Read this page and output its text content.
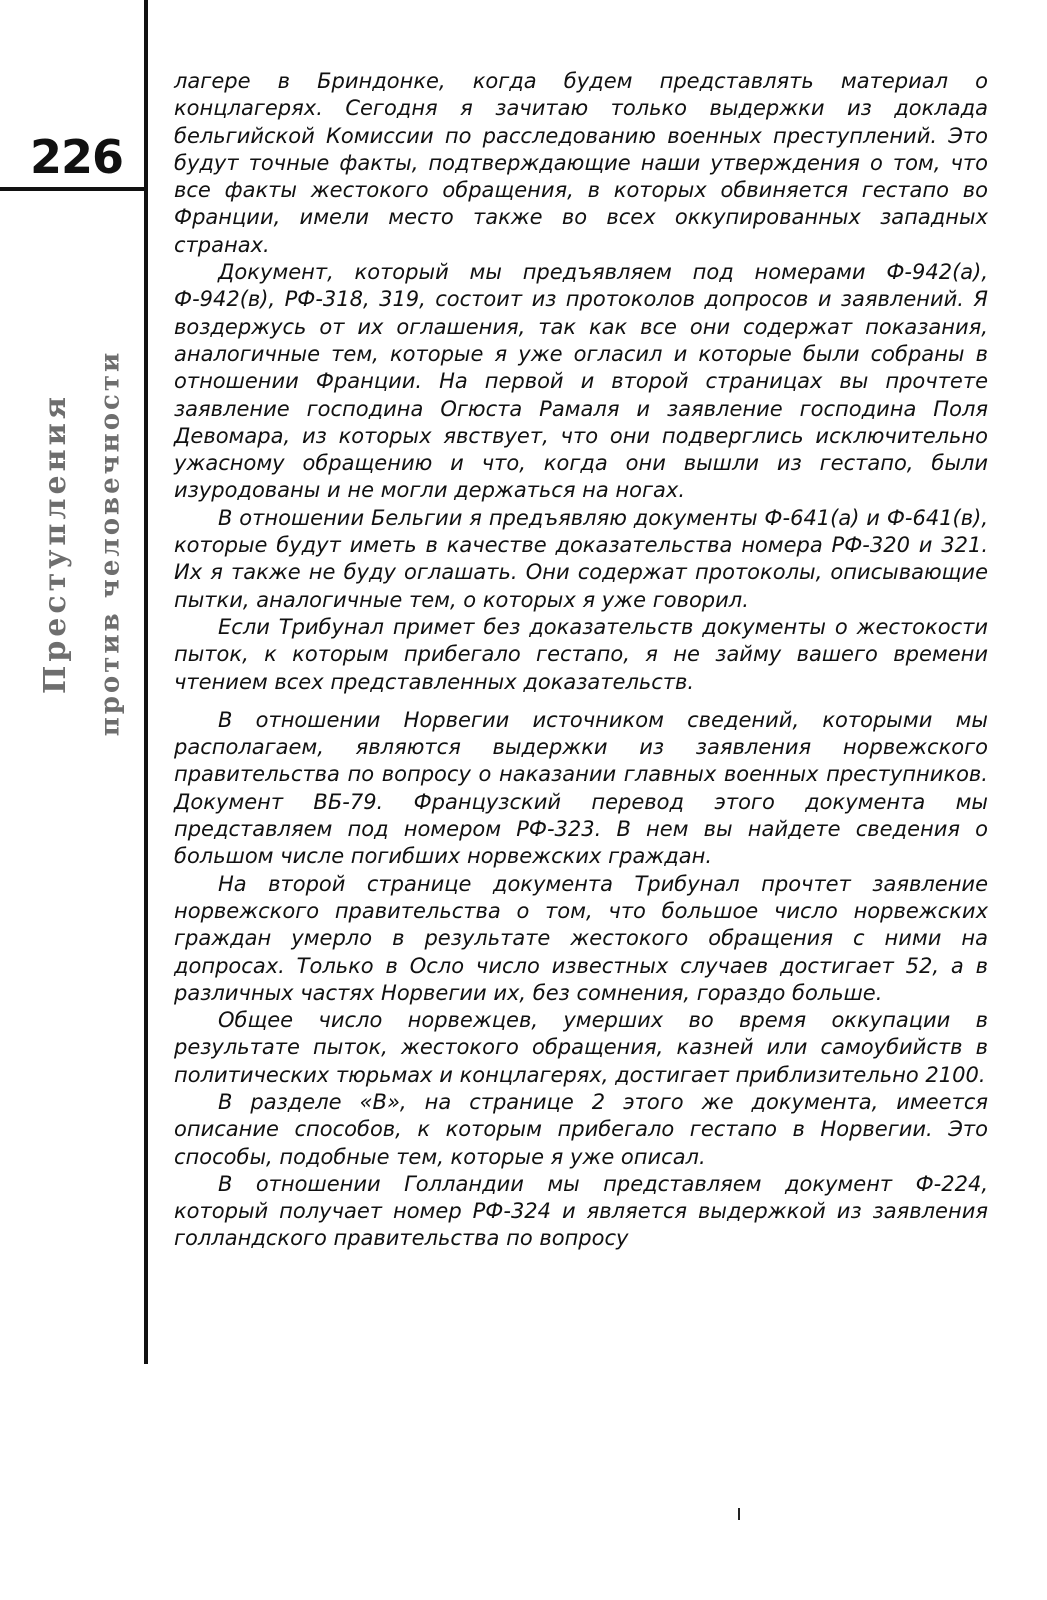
226
Преступления против человечности

лагере в Бриндонке, когда будем представлять материал о концлагерях. Сегодня я зачитаю только выдержки из доклада бельгийской Комиссии по расследованию военных преступлений. Это будут точные факты, подтверждающие наши утверждения о том, что все факты жестокого обращения, в которых обвиняется гестапо во Франции, имели место также во всех оккупированных западных странах.

Документ, который мы предъявляем под номерами Ф-942(а), Ф-942(в), РФ-318, 319, состоит из протоколов допросов и заявлений. Я воздержусь от их оглашения, так как все они содержат показания, аналогичные тем, которые я уже огласил и которые были собраны в отношении Франции. На первой и второй страницах вы прочтете заявление господина Огюста Рамаля и заявление господина Поля Девомара, из которых явствует, что они подверглись исключительно ужасному обращению и что, когда они вышли из гестапо, были изуродованы и не могли держаться на ногах.

В отношении Бельгии я предъявляю документы Ф-641(а) и Ф-641(в), которые будут иметь в качестве доказательства номера РФ-320 и 321. Их я также не буду оглашать. Они содержат протоколы, описывающие пытки, аналогичные тем, о которых я уже говорил.

Если Трибунал примет без доказательств документы о жестокости пыток, к которым прибегало гестапо, я не займу вашего времени чтением всех представленных доказательств.

В отношении Норвегии источником сведений, которыми мы располагаем, являются выдержки из заявления норвежского правительства по вопросу о наказании главных военных преступников. Документ ВБ-79. Французский перевод этого документа мы представляем под номером РФ-323. В нем вы найдете сведения о большом числе погибших норвежских граждан.

На второй странице документа Трибунал прочтет заявление норвежского правительства о том, что большое число норвежских граждан умерло в результате жестокого обращения с ними на допросах. Только в Осло число известных случаев достигает 52, а в различных частях Норвегии их, без сомнения, гораздо больше.

Общее число норвежцев, умерших во время оккупации в результате пыток, жестокого обращения, казней или самоубийств в политических тюрьмах и концлагерях, достигает приблизительно 2100.

В разделе «В», на странице 2 этого же документа, имеется описание способов, к которым прибегало гестапо в Норвегии. Это способы, подобные тем, которые я уже описал.

В отношении Голландии мы представляем документ Ф-224, который получает номер РФ-324 и является выдержкой из заявления голландского правительства по вопросу
